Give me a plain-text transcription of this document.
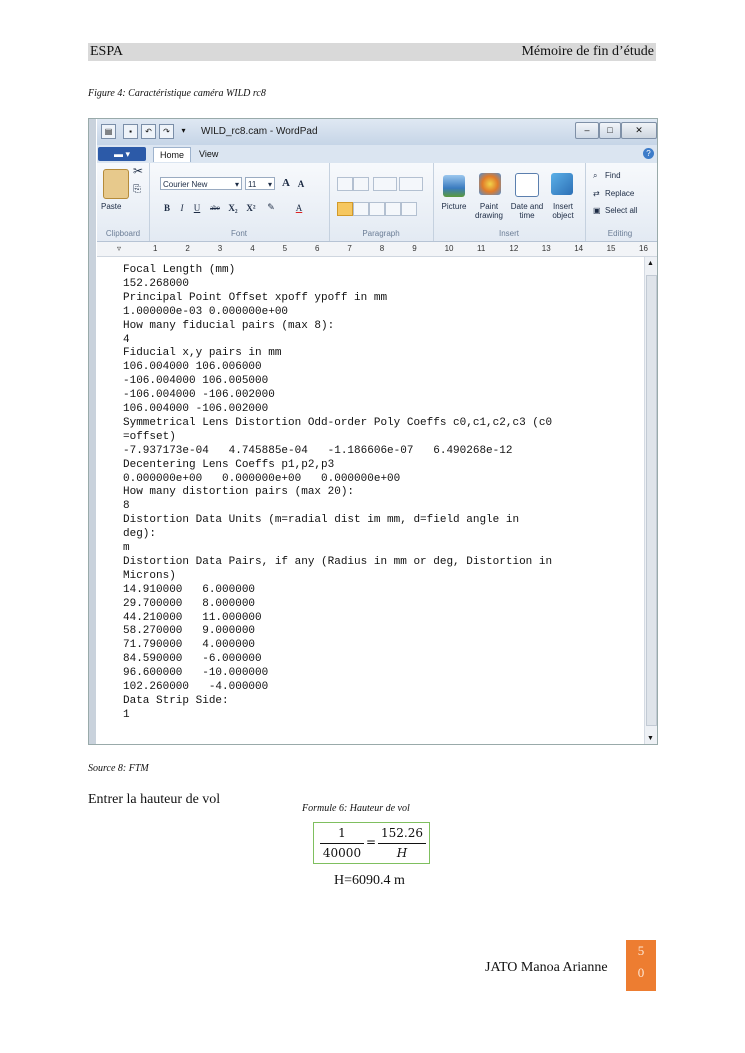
ESPA	Mémoire de fin d’étude
Figure 4: Caractéristique caméra WILD rc8
▤	▪	↶	↷	▾	WILD_rc8.cam - WordPad	–	□	✕
▬ ▾	Home	View	?
✂
⎘
Paste
Clipboard
Courier New	▾	11 ▾ A A
B	I	U	abe X₂ X²	✎	A
Font	Paragraph
Picture	Paint
drawing
Date and
time
Insert
object
Insert
⌕ Find
⇄ Replace
▣ Select all
Editing
▿	1	2	3	4	5	6	7	8	9	10	11	12	13	14	15	16
Focal Length (mm)
152.268000
Principal Point Offset xpoff ypoff in mm
1.000000e-03 0.000000e+00
How many fiducial pairs (max 8):
4
Fiducial x,y pairs in mm
106.004000 106.006000
-106.004000 106.005000
-106.004000 -106.002000
106.004000 -106.002000
Symmetrical Lens Distortion Odd-order Poly Coeffs c0,c1,c2,c3 (c0
=offset)
-7.937173e-04   4.745885e-04   -1.186606e-07   6.490268e-12
Decentering Lens Coeffs p1,p2,p3
0.000000e+00   0.000000e+00   0.000000e+00
How many distortion pairs (max 20):
8
Distortion Data Units (m=radial dist im mm, d=field angle in
deg):
m
Distortion Data Pairs, if any (Radius in mm or deg, Distortion in
Microns)
14.910000   6.000000
29.700000   8.000000
44.210000   11.000000
58.270000   9.000000
71.790000   4.000000
84.590000   -6.000000
96.600000   -10.000000
102.260000   -4.000000
Data Strip Side:
1
▲
▼
Source 8: FTM
Entrer la hauteur de vol
Formule 6: Hauteur de vol
1
40000
=
152.26
H
H=6090.4 m
JATO Manoa Arianne
5
0
